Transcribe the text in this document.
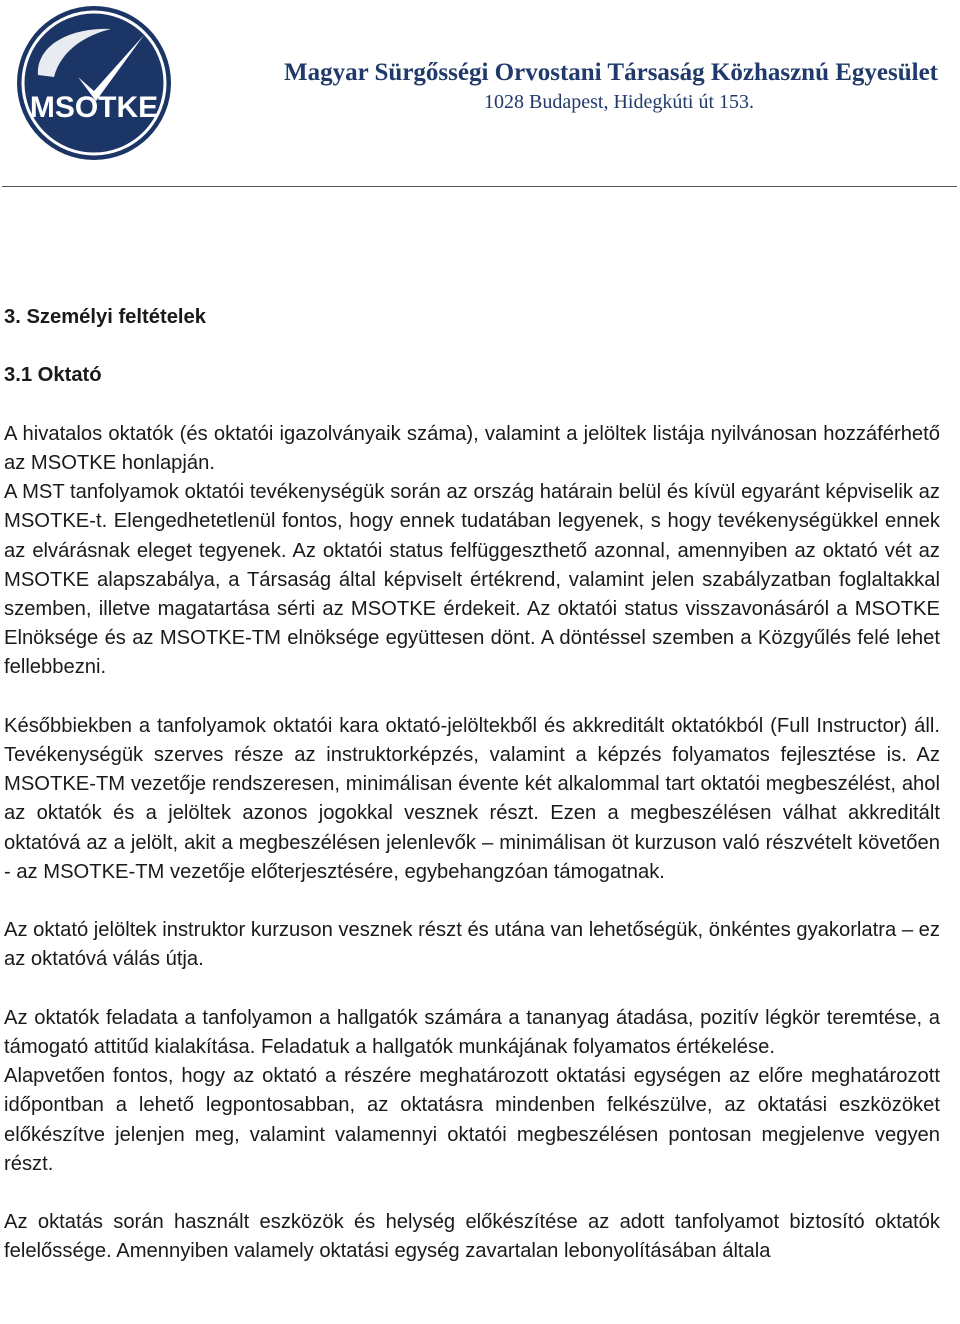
MSOTKE
Magyar Sürgősségi Orvostani Társaság Közhasznú Egyesület
1028 Budapest, Hidegkúti út 153.

3. Személyi feltételek

3.1 Oktató

A hivatalos oktatók (és oktatói igazolványaik száma), valamint a jelöltek listája nyilvánosan hozzáférhető az MSOTKE honlapján.

A MST tanfolyamok oktatói tevékenységük során az ország határain belül és kívül egyaránt képviselik az MSOTKE-t. Elengedhetetlenül fontos, hogy ennek tudatában legyenek, s hogy tevékenységükkel ennek az elvárásnak eleget tegyenek. Az oktatói status felfüggeszthető azonnal, amennyiben az oktató vét az MSOTKE alapszabálya, a Társaság által képviselt értékrend, valamint jelen szabályzatban foglaltakkal szemben, illetve magatartása sérti az MSOTKE érdekeit. Az oktatói status visszavonásáról a MSOTKE Elnöksége és az MSOTKE-TM elnöksége együttesen dönt. A döntéssel szemben a Közgyűlés felé lehet fellebbezni.

Későbbiekben a tanfolyamok oktatói kara oktató-jelöltekből és akkreditált oktatókból (Full Instructor) áll. Tevékenységük szerves része az instruktorképzés, valamint a képzés folyamatos fejlesztése is. Az MSOTKE-TM vezetője rendszeresen, minimálisan évente két alkalommal tart oktatói megbeszélést, ahol az oktatók és a jelöltek azonos jogokkal vesznek részt. Ezen a megbeszélésen válhat akkreditált oktatóvá az a jelölt, akit a megbeszélésen jelenlevők – minimálisan öt kurzuson való részvételt követően - az MSOTKE-TM vezetője előterjesztésére, egybehangzóan támogatnak.

Az oktató jelöltek instruktor kurzuson vesznek részt és utána van lehetőségük, önkéntes gyakorlatra – ez az oktatóvá válás útja.

Az oktatók feladata a tanfolyamon a hallgatók számára a tananyag átadása, pozitív légkör teremtése, a támogató attitűd kialakítása. Feladatuk a hallgatók munkájának folyamatos értékelése.

Alapvetően fontos, hogy az oktató a részére meghatározott oktatási egységen az előre meghatározott időpontban a lehető legpontosabban, az oktatásra mindenben felkészülve, az oktatási eszközöket előkészítve jelenjen meg, valamint valamennyi oktatói megbeszélésen pontosan megjelenve vegyen részt.

Az oktatás során használt eszközök és helység előkészítése az adott tanfolyamot biztosító oktatók felelőssége. Amennyiben valamely oktatási egység zavartalan lebonyolításában általa
